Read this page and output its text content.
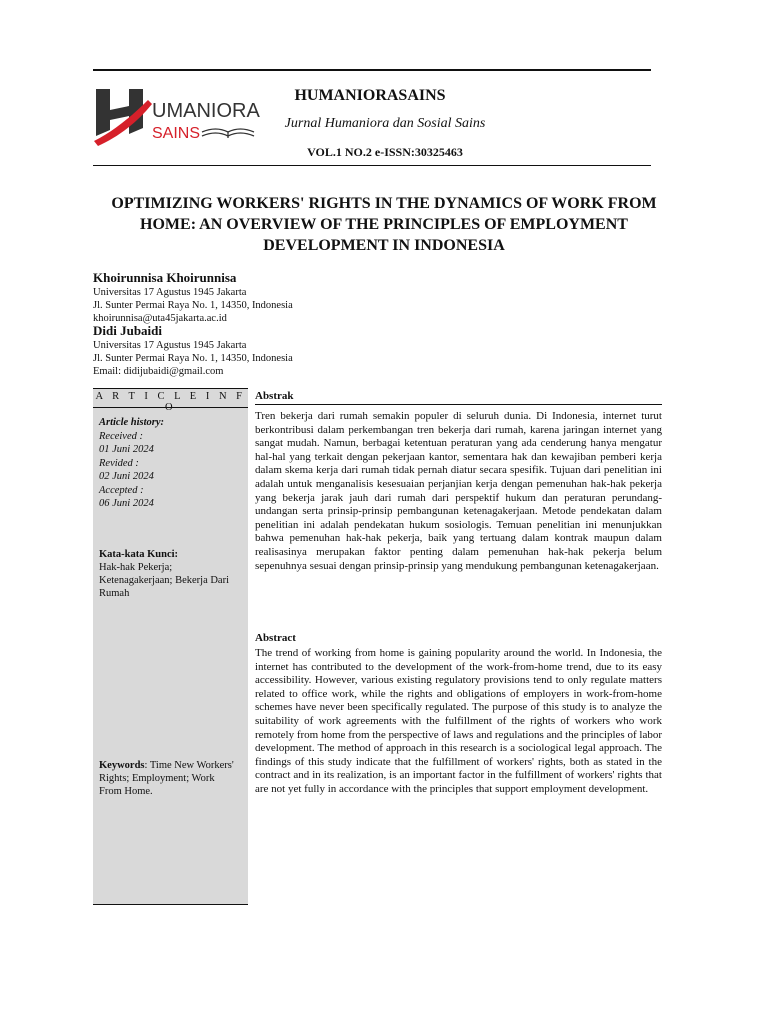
UMANIORA
SAINS
HUMANIORASAINS
Jurnal Humaniora dan Sosial Sains
VOL.1 NO.2 e-ISSN:30325463
OPTIMIZING WORKERS' RIGHTS IN THE DYNAMICS OF WORK FROM HOME: AN OVERVIEW OF THE PRINCIPLES OF EMPLOYMENT DEVELOPMENT IN INDONESIA
Khoirunnisa Khoirunnisa
Universitas 17 Agustus 1945 Jakarta
Jl. Sunter Permai Raya No. 1, 14350, Indonesia
khoirunnisa@uta45jakarta.ac.id
Didi Jubaidi
Universitas 17 Agustus 1945 Jakarta
Jl. Sunter Permai Raya No. 1, 14350, Indonesia
Email: didijubaidi@gmail.com
A R T I C L E I N F O
Article history:
Received :
01 Juni 2024
Revided :
02 Juni 2024
Accepted :
06 Juni 2024
Kata-kata Kunci:
Hak-hak Pekerja; Ketenagakerjaan; Bekerja Dari Rumah
Keywords: Time New Workers' Rights; Employment; Work From Home.
Abstrak

Tren bekerja dari rumah semakin populer di seluruh dunia. Di Indonesia, internet turut berkontribusi dalam perkembangan tren bekerja dari rumah, karena jaringan internet yang sangat mudah. Namun, berbagai ketentuan peraturan yang ada cenderung hanya mengatur hal-hal yang terkait dengan pekerjaan kantor, sementara hak dan kewajiban pemberi kerja dalam skema kerja dari rumah tidak pernah diatur secara spesifik. Tujuan dari penelitian ini adalah untuk menganalisis kesesuaian perjanjian kerja dengan pemenuhan hak-hak pekerja yang bekerja jarak jauh dari rumah dari perspektif hukum dan peraturan perundang-undangan serta prinsip-prinsip pembangunan ketenagakerjaan. Metode pendekatan dalam penelitian ini adalah pendekatan hukum sosiologis. Temuan penelitian ini menunjukkan bahwa pemenuhan hak-hak pekerja, baik yang tertuang dalam kontrak maupun dalam realisasinya merupakan faktor penting dalam pemenuhan hak-hak pekerja belum sepenuhnya sesuai dengan prinsip-prinsip yang mendukung pembangunan ketenagakerjaan.

Abstract

The trend of working from home is gaining popularity around the world. In Indonesia, the internet has contributed to the development of the work-from-home trend, due to its easy accessibility. However, various existing regulatory provisions tend to only regulate matters related to office work, while the rights and obligations of employers in work-from-home schemes have never been specifically regulated. The purpose of this study is to analyze the suitability of work agreements with the fulfillment of the rights of workers who work remotely from home from the perspective of laws and regulations and the principles of labor development. The method of approach in this research is a sociological legal approach. The findings of this study indicate that the fulfillment of workers' rights, both as stated in the contract and in its realization, is an important factor in the fulfillment of workers' rights that are not yet fully in accordance with the principles that support employment development.
